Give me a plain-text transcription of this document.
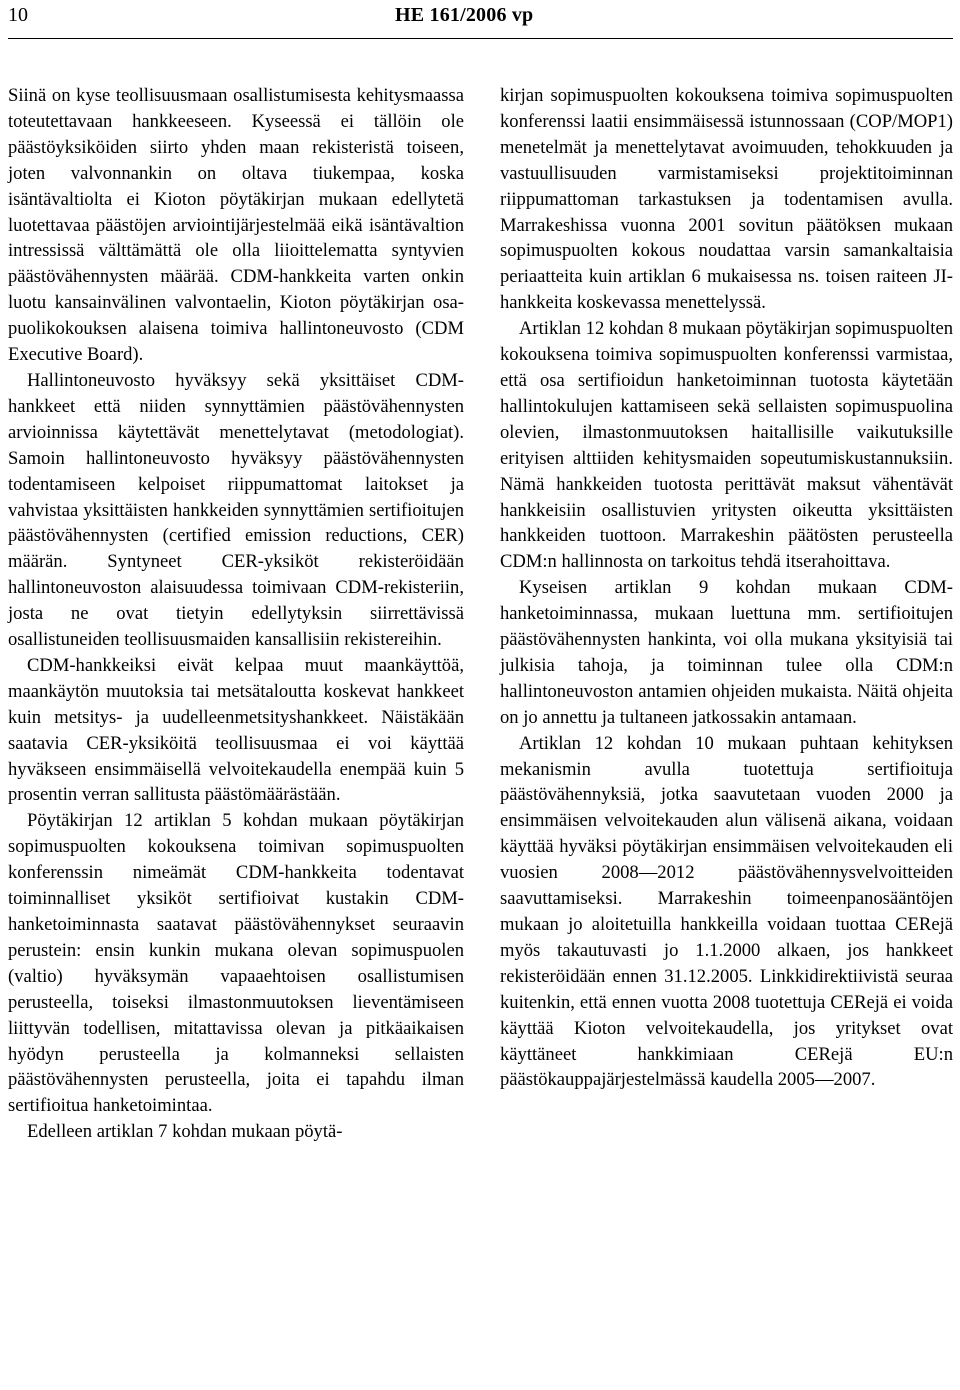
10	HE 161/2006 vp

Siinä on kyse teollisuusmaan osallistumisesta kehitysmaassa toteutettavaan hankkeeseen. Kyseessä ei tällöin ole päästöyksiköiden siirto yhden maan rekisteristä toiseen, joten valvonnankin on oltava tiukempaa, koska isäntävaltiolta ei Kioton pöytäkirjan mukaan edellytetä luotettavaa päästöjen arviointijärjestelmää eikä isäntävaltion intressissä välttämättä ole olla liioittelematta syntyvien päästövähennysten määrää. CDM-hankkeita varten onkin luotu kansainvälinen valvontaelin, Kioton pöytäkirjan osa-puolikokouksen alaisena toimiva hallintoneuvosto (CDM Executive Board).

Hallintoneuvosto hyväksyy sekä yksittäiset CDM-hankkeet että niiden synnyttämien päästövähennysten arvioinnissa käytettävät menettelytavat (metodologiat). Samoin hallintoneuvosto hyväksyy päästövähennysten todentamiseen kelpoiset riippumattomat laitokset ja vahvistaa yksittäisten hankkeiden synnyttämien sertifioitujen päästövähennysten (certified emission reductions, CER) määrän. Syntyneet CER-yksiköt rekisteröidään hallintoneuvoston alaisuudessa toimivaan CDM-rekisteriin, josta ne ovat tietyin edellytyksin siirrettävissä osallistuneiden teollisuusmaiden kansallisiin rekistereihin.

CDM-hankkeiksi eivät kelpaa muut maankäyttöä, maankäytön muutoksia tai metsätaloutta koskevat hankkeet kuin metsitys- ja uudelleenmetsityshankkeet. Näistäkään saatavia CER-yksiköitä teollisuusmaa ei voi käyttää hyväkseen ensimmäisellä velvoitekaudella enempää kuin 5 prosentin verran sallitusta päästömäärästään.

Pöytäkirjan 12 artiklan 5 kohdan mukaan pöytäkirjan sopimuspuolten kokouksena toimivan sopimuspuolten konferenssin nimeämät CDM-hankkeita todentavat toiminnalliset yksiköt sertifioivat kustakin CDM-hanketoiminnasta saatavat päästövähennykset seuraavin perustein: ensin kunkin mukana olevan sopimuspuolen (valtio) hyväksymän vapaaehtoisen osallistumisen perusteella, toiseksi ilmastonmuutoksen lieventämiseen liittyvän todellisen, mitattavissa olevan ja pitkäaikaisen hyödyn perusteella ja kolmanneksi sellaisten päästövähennysten perusteella, joita ei tapahdu ilman sertifioitua hanketoimintaa.

Edelleen artiklan 7 kohdan mukaan pöytä-

kirjan sopimuspuolten kokouksena toimiva sopimuspuolten konferenssi laatii ensimmäisessä istunnossaan (COP/MOP1) menetelmät ja menettelytavat avoimuuden, tehokkuuden ja vastuullisuuden varmistamiseksi projektitoiminnan riippumattoman tarkastuksen ja todentamisen avulla. Marrakeshissa vuonna 2001 sovitun päätöksen mukaan sopimuspuolten kokous noudattaa varsin samankaltaisia periaatteita kuin artiklan 6 mukaisessa ns. toisen raiteen JI-hankkeita koskevassa menettelyssä.

Artiklan 12 kohdan 8 mukaan pöytäkirjan sopimuspuolten kokouksena toimiva sopimuspuolten konferenssi varmistaa, että osa sertifioidun hanketoiminnan tuotosta käytetään hallintokulujen kattamiseen sekä sellaisten sopimuspuolina olevien, ilmastonmuutoksen haitallisille vaikutuksille erityisen alttiiden kehitysmaiden sopeutumiskustannuksiin. Nämä hankkeiden tuotosta perittävät maksut vähentävät hankkeisiin osallistuvien yritysten oikeutta yksittäisten hankkeiden tuottoon. Marrakeshin päätösten perusteella CDM:n hallinnosta on tarkoitus tehdä itserahoittava.

Kyseisen artiklan 9 kohdan mukaan CDM-hanketoiminnassa, mukaan luettuna mm. sertifioitujen päästövähennysten hankinta, voi olla mukana yksityisiä tai julkisia tahoja, ja toiminnan tulee olla CDM:n hallintoneuvoston antamien ohjeiden mukaista. Näitä ohjeita on jo annettu ja tultaneen jatkossakin antamaan.

Artiklan 12 kohdan 10 mukaan puhtaan kehityksen mekanismin avulla tuotettuja sertifioituja päästövähennyksiä, jotka saavutetaan vuoden 2000 ja ensimmäisen velvoitekauden alun välisenä aikana, voidaan käyttää hyväksi pöytäkirjan ensimmäisen velvoitekauden eli vuosien 2008—2012 päästövähennysvelvoitteiden saavuttamiseksi. Marrakeshin toimeenpanosääntöjen mukaan jo aloitetuilla hankkeilla voidaan tuottaa CERejä myös takautuvasti jo 1.1.2000 alkaen, jos hankkeet rekisteröidään ennen 31.12.2005. Linkkidirektiivistä seuraa kuitenkin, että ennen vuotta 2008 tuotettuja CERejä ei voida käyttää Kioton velvoitekaudella, jos yritykset ovat käyttäneet hankkimiaan CERejä EU:n päästökauppajärjestelmässä kaudella 2005—2007.
